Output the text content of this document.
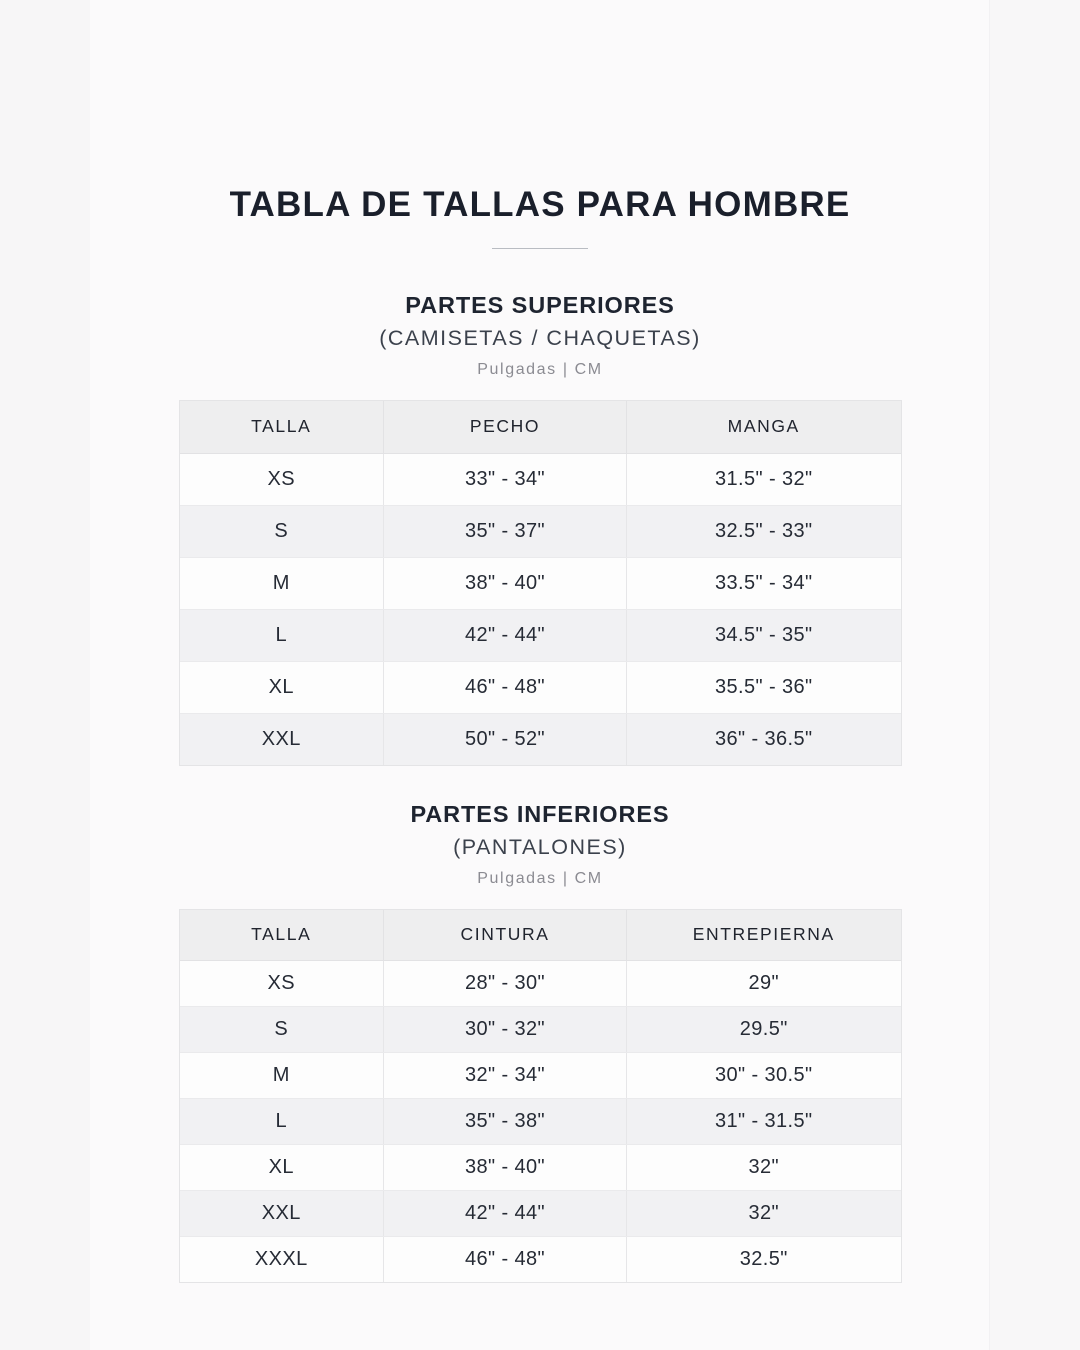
TABLA DE TALLAS PARA HOMBRE
PARTES SUPERIORES
(CAMISETAS / CHAQUETAS)
Pulgadas | CM
TALLA	PECHO	MANGA
XS	33" - 34"	31.5" - 32"
S	35" - 37"	32.5" - 33"
M	38" - 40"	33.5" - 34"
L	42" - 44"	34.5" - 35"
XL	46" - 48"	35.5" - 36"
XXL	50" - 52"	36" - 36.5"
PARTES INFERIORES
(PANTALONES)
Pulgadas | CM
TALLA	CINTURA	ENTREPIERNA
XS	28" - 30"	29"
S	30" - 32"	29.5"
M	32" - 34"	30" - 30.5"
L	35" - 38"	31" - 31.5"
XL	38" - 40"	32"
XXL	42" - 44"	32"
XXXL	46" - 48"	32.5"
